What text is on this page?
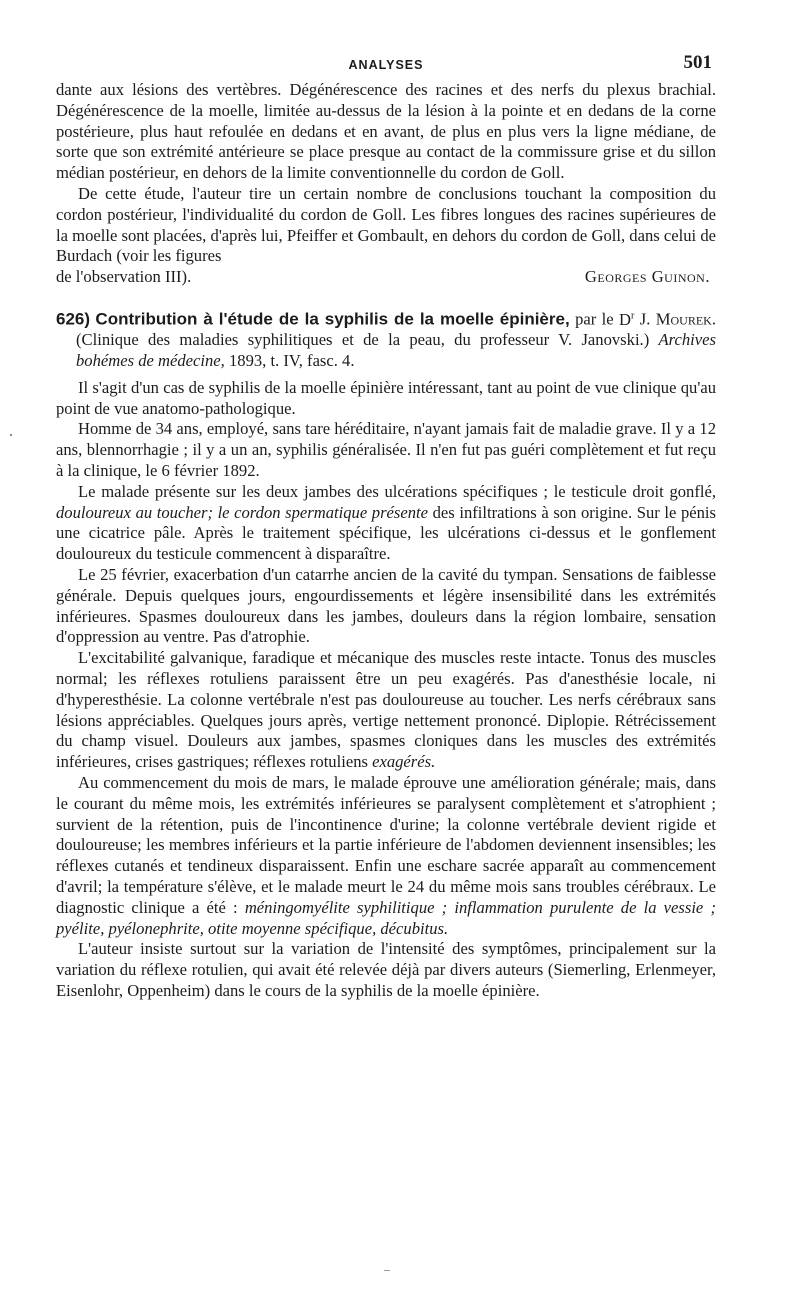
ANALYSES	501

dante aux lésions des vertèbres. Dégénérescence des racines et des nerfs du plexus brachial. Dégénérescence de la moelle, limitée au-dessus de la lésion à la pointe et en dedans de la corne postérieure, plus haut refoulée en dedans et en avant, de plus en plus vers la ligne médiane, de sorte que son extrémité antérieure se place presque au contact de la commissure grise et du sillon médian postérieur, en dehors de la limite conventionnelle du cordon de Goll.

De cette étude, l'auteur tire un certain nombre de conclusions touchant la composition du cordon postérieur, l'individualité du cordon de Goll. Les fibres longues des racines supérieures de la moelle sont placées, d'après lui, Pfeiffer et Gombault, en dehors du cordon de Goll, dans celui de Burdach (voir les figures

de l'observation III).	Georges Guinon.

626) Contribution à l'étude de la syphilis de la moelle épinière, par le $D^r$ J. Mourek. (Clinique des maladies syphilitiques et de la peau, du professeur V. Janovski.) Archives bohémes de médecine, 1893, t. IV, fasc. 4.

Il s'agit d'un cas de syphilis de la moelle épinière intéressant, tant au point de vue clinique qu'au point de vue anatomo-pathologique.

Homme de 34 ans, employé, sans tare héréditaire, n'ayant jamais fait de maladie grave. Il y a 12 ans, blennorrhagie ; il y a un an, syphilis généralisée. Il n'en fut pas guéri complètement et fut reçu à la clinique, le 6 février 1892.

Le malade présente sur les deux jambes des ulcérations spécifiques ; le testicule droit gonflé, douloureux au toucher; le cordon spermatique présente des infiltrations à son origine. Sur le pénis une cicatrice pâle. Après le traitement spécifique, les ulcérations ci-dessus et le gonflement douloureux du testicule commencent à disparaître.

Le 25 février, exacerbation d'un catarrhe ancien de la cavité du tympan. Sensations de faiblesse générale. Depuis quelques jours, engourdissements et légère insensibilité dans les extrémités inférieures. Spasmes douloureux dans les jambes, douleurs dans la région lombaire, sensation d'oppression au ventre. Pas d'atrophie.

L'excitabilité galvanique, faradique et mécanique des muscles reste intacte. Tonus des muscles normal; les réflexes rotuliens paraissent être un peu exagérés. Pas d'anesthésie locale, ni d'hyperesthésie. La colonne vertébrale n'est pas douloureuse au toucher. Les nerfs cérébraux sans lésions appréciables. Quelques jours après, vertige nettement prononcé. Diplopie. Rétrécissement du champ visuel. Douleurs aux jambes, spasmes cloniques dans les muscles des extrémités inférieures, crises gastriques; réflexes rotuliens exagérés.

Au commencement du mois de mars, le malade éprouve une amélioration générale; mais, dans le courant du même mois, les extrémités inférieures se paralysent complètement et s'atrophient ; survient de la rétention, puis de l'incontinence d'urine; la colonne vertébrale devient rigide et douloureuse; les membres inférieurs et la partie inférieure de l'abdomen deviennent insensibles; les réflexes cutanés et tendineux disparaissent. Enfin une eschare sacrée apparaît au commencement d'avril; la température s'élève, et le malade meurt le 24 du même mois sans troubles cérébraux. Le diagnostic clinique a été : méningomyélite syphilitique ; inflammation purulente de la vessie ; pyélite, pyélonephrite, otite moyenne spécifique, décubitus.

L'auteur insiste surtout sur la variation de l'intensité des symptômes, principalement sur la variation du réflexe rotulien, qui avait été relevée déjà par divers auteurs (Siemerling, Erlenmeyer, Eisenlohr, Oppenheim) dans le cours de la syphilis de la moelle épinière.
